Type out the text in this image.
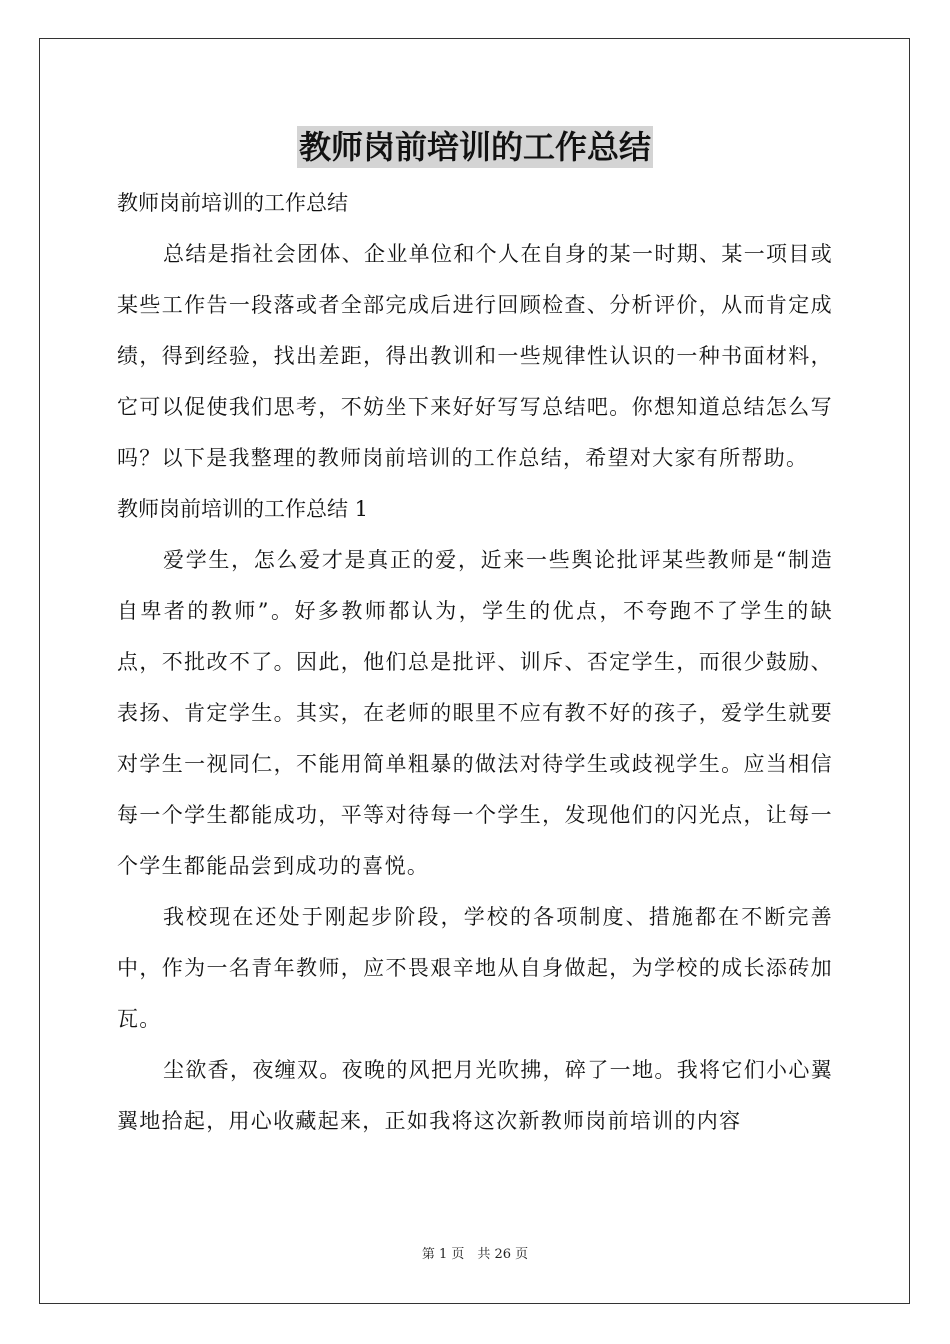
教师岗前培训的工作总结

教师岗前培训的工作总结

总结是指社会团体、企业单位和个人在自身的某一时期、某一项目或某些工作告一段落或者全部完成后进行回顾检查、分析评价，从而肯定成绩，得到经验，找出差距，得出教训和一些规律性认识的一种书面材料，它可以促使我们思考，不妨坐下来好好写写总结吧。你想知道总结怎么写吗？以下是我整理的教师岗前培训的工作总结，希望对大家有所帮助。

教师岗前培训的工作总结 1

爱学生，怎么爱才是真正的爱，近来一些舆论批评某些教师是“制造自卑者的教师”。好多教师都认为，学生的优点，不夸跑不了学生的缺点，不批改不了。因此，他们总是批评、训斥、否定学生，而很少鼓励、表扬、肯定学生。其实，在老师的眼里不应有教不好的孩子，爱学生就要对学生一视同仁，不能用简单粗暴的做法对待学生或歧视学生。应当相信每一个学生都能成功，平等对待每一个学生，发现他们的闪光点，让每一个学生都能品尝到成功的喜悦。

我校现在还处于刚起步阶段，学校的各项制度、措施都在不断完善中，作为一名青年教师，应不畏艰辛地从自身做起，为学校的成长添砖加瓦。

尘欲香，夜缠双。夜晚的风把月光吹拂，碎了一地。我将它们小心翼翼地拾起，用心收藏起来，正如我将这次新教师岗前培训的内容

第 1 页　共 26 页
